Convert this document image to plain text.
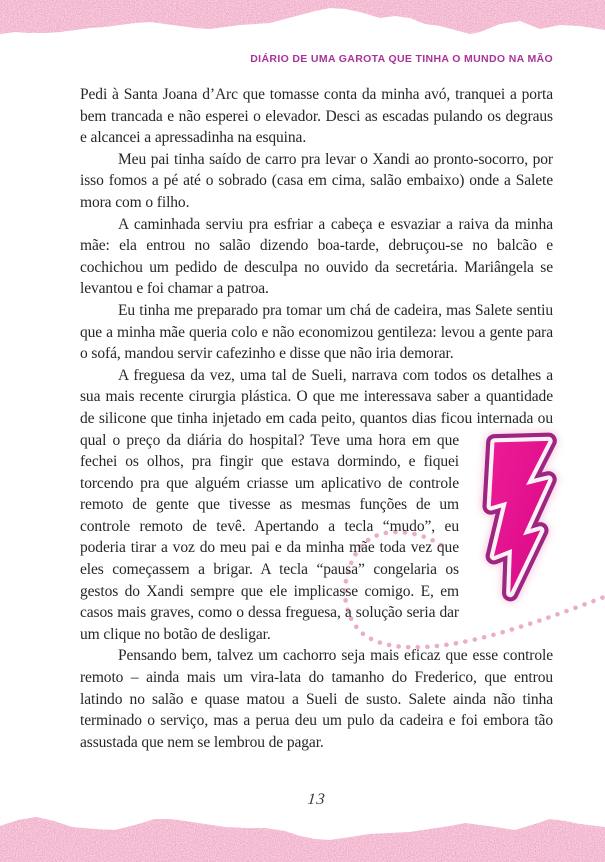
DIÁRIO DE UMA GAROTA QUE TINHA O MUNDO NA MÃO

Pedi à Santa Joana d’Arc que tomasse conta da minha avó, tranquei a porta bem trancada e não esperei o elevador. Desci as escadas pulando os degraus e alcancei a apressadinha na esquina.

Meu pai tinha saído de carro pra levar o Xandi ao pronto-socorro, por isso fomos a pé até o sobrado (casa em cima, salão embaixo) onde a Salete mora com o filho.

A caminhada serviu pra esfriar a cabeça e esvaziar a raiva da minha mãe: ela entrou no salão dizendo boa-tarde, debruçou-se no balcão e cochichou um pedido de desculpa no ouvido da secretária. Mariângela se levantou e foi chamar a patroa.

Eu tinha me preparado pra tomar um chá de cadeira, mas Salete sentiu que a minha mãe queria colo e não economizou gentileza: levou a gente para o sofá, mandou servir cafezinho e disse que não iria demorar.

A freguesa da vez, uma tal de Sueli, narrava com todos os detalhes a sua mais recente cirurgia plástica. O que me interessava saber a quantidade de silicone que tinha injetado em cada peito, quantos dias ficou internada ou qual o preço da diária do hospital? Teve uma hora em que
fechei os olhos, pra fingir que estava dormindo, e fiquei torcendo pra que alguém criasse um aplicativo de controle remoto de gente que tivesse as mesmas funções de um controle remoto de tevê. Apertando a tecla “mudo”, eu poderia tirar a voz do meu pai e da minha mãe toda vez que eles começassem a brigar. A tecla “pausa” congelaria os gestos do Xandi sempre que ele implicasse comigo. E, em casos mais graves, como o dessa freguesa, a solução seria dar um clique no botão de desligar.

Pensando bem, talvez um cachorro seja mais eficaz que esse controle remoto – ainda mais um vira-lata do tamanho do Frederico, que entrou latindo no salão e quase matou a Sueli de susto. Salete ainda não tinha terminado o serviço, mas a perua deu um pulo da cadeira e foi embora tão assustada que nem se lembrou de pagar.

13
